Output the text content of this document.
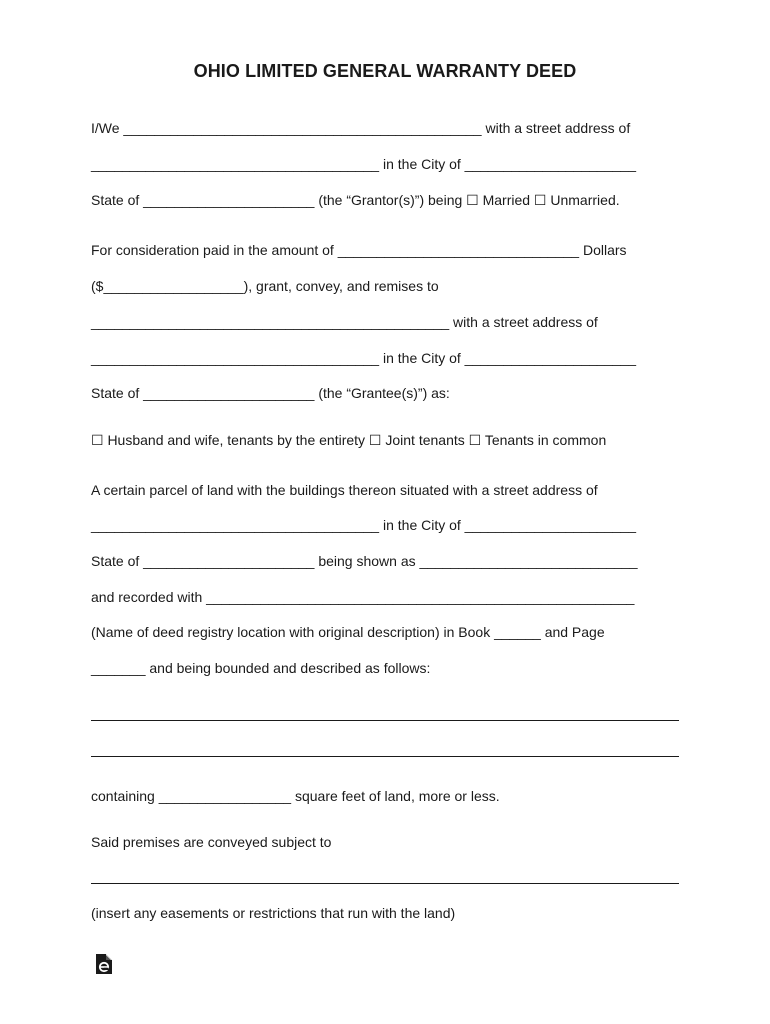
OHIO LIMITED GENERAL WARRANTY DEED
I/We ______________________________________________ with a street address of
_____________________________________ in the City of ______________________
State of ______________________ (the “Grantor(s)”) being ☐ Married ☐ Unmarried.
For consideration paid in the amount of _______________________________ Dollars
($__________________), grant, convey, and remises to
______________________________________________ with a street address of
_____________________________________ in the City of ______________________
State of ______________________ (the “Grantee(s)”) as:
☐ Husband and wife, tenants by the entirety ☐ Joint tenants ☐ Tenants in common
A certain parcel of land with the buildings thereon situated with a street address of
_____________________________________ in the City of ______________________
State of ______________________ being shown as ____________________________
and recorded with _______________________________________________________
(Name of deed registry location with original description) in Book ______ and Page
_______ and being bounded and described as follows:
containing _________________ square feet of land, more or less.
Said premises are conveyed subject to
(insert any easements or restrictions that run with the land)
